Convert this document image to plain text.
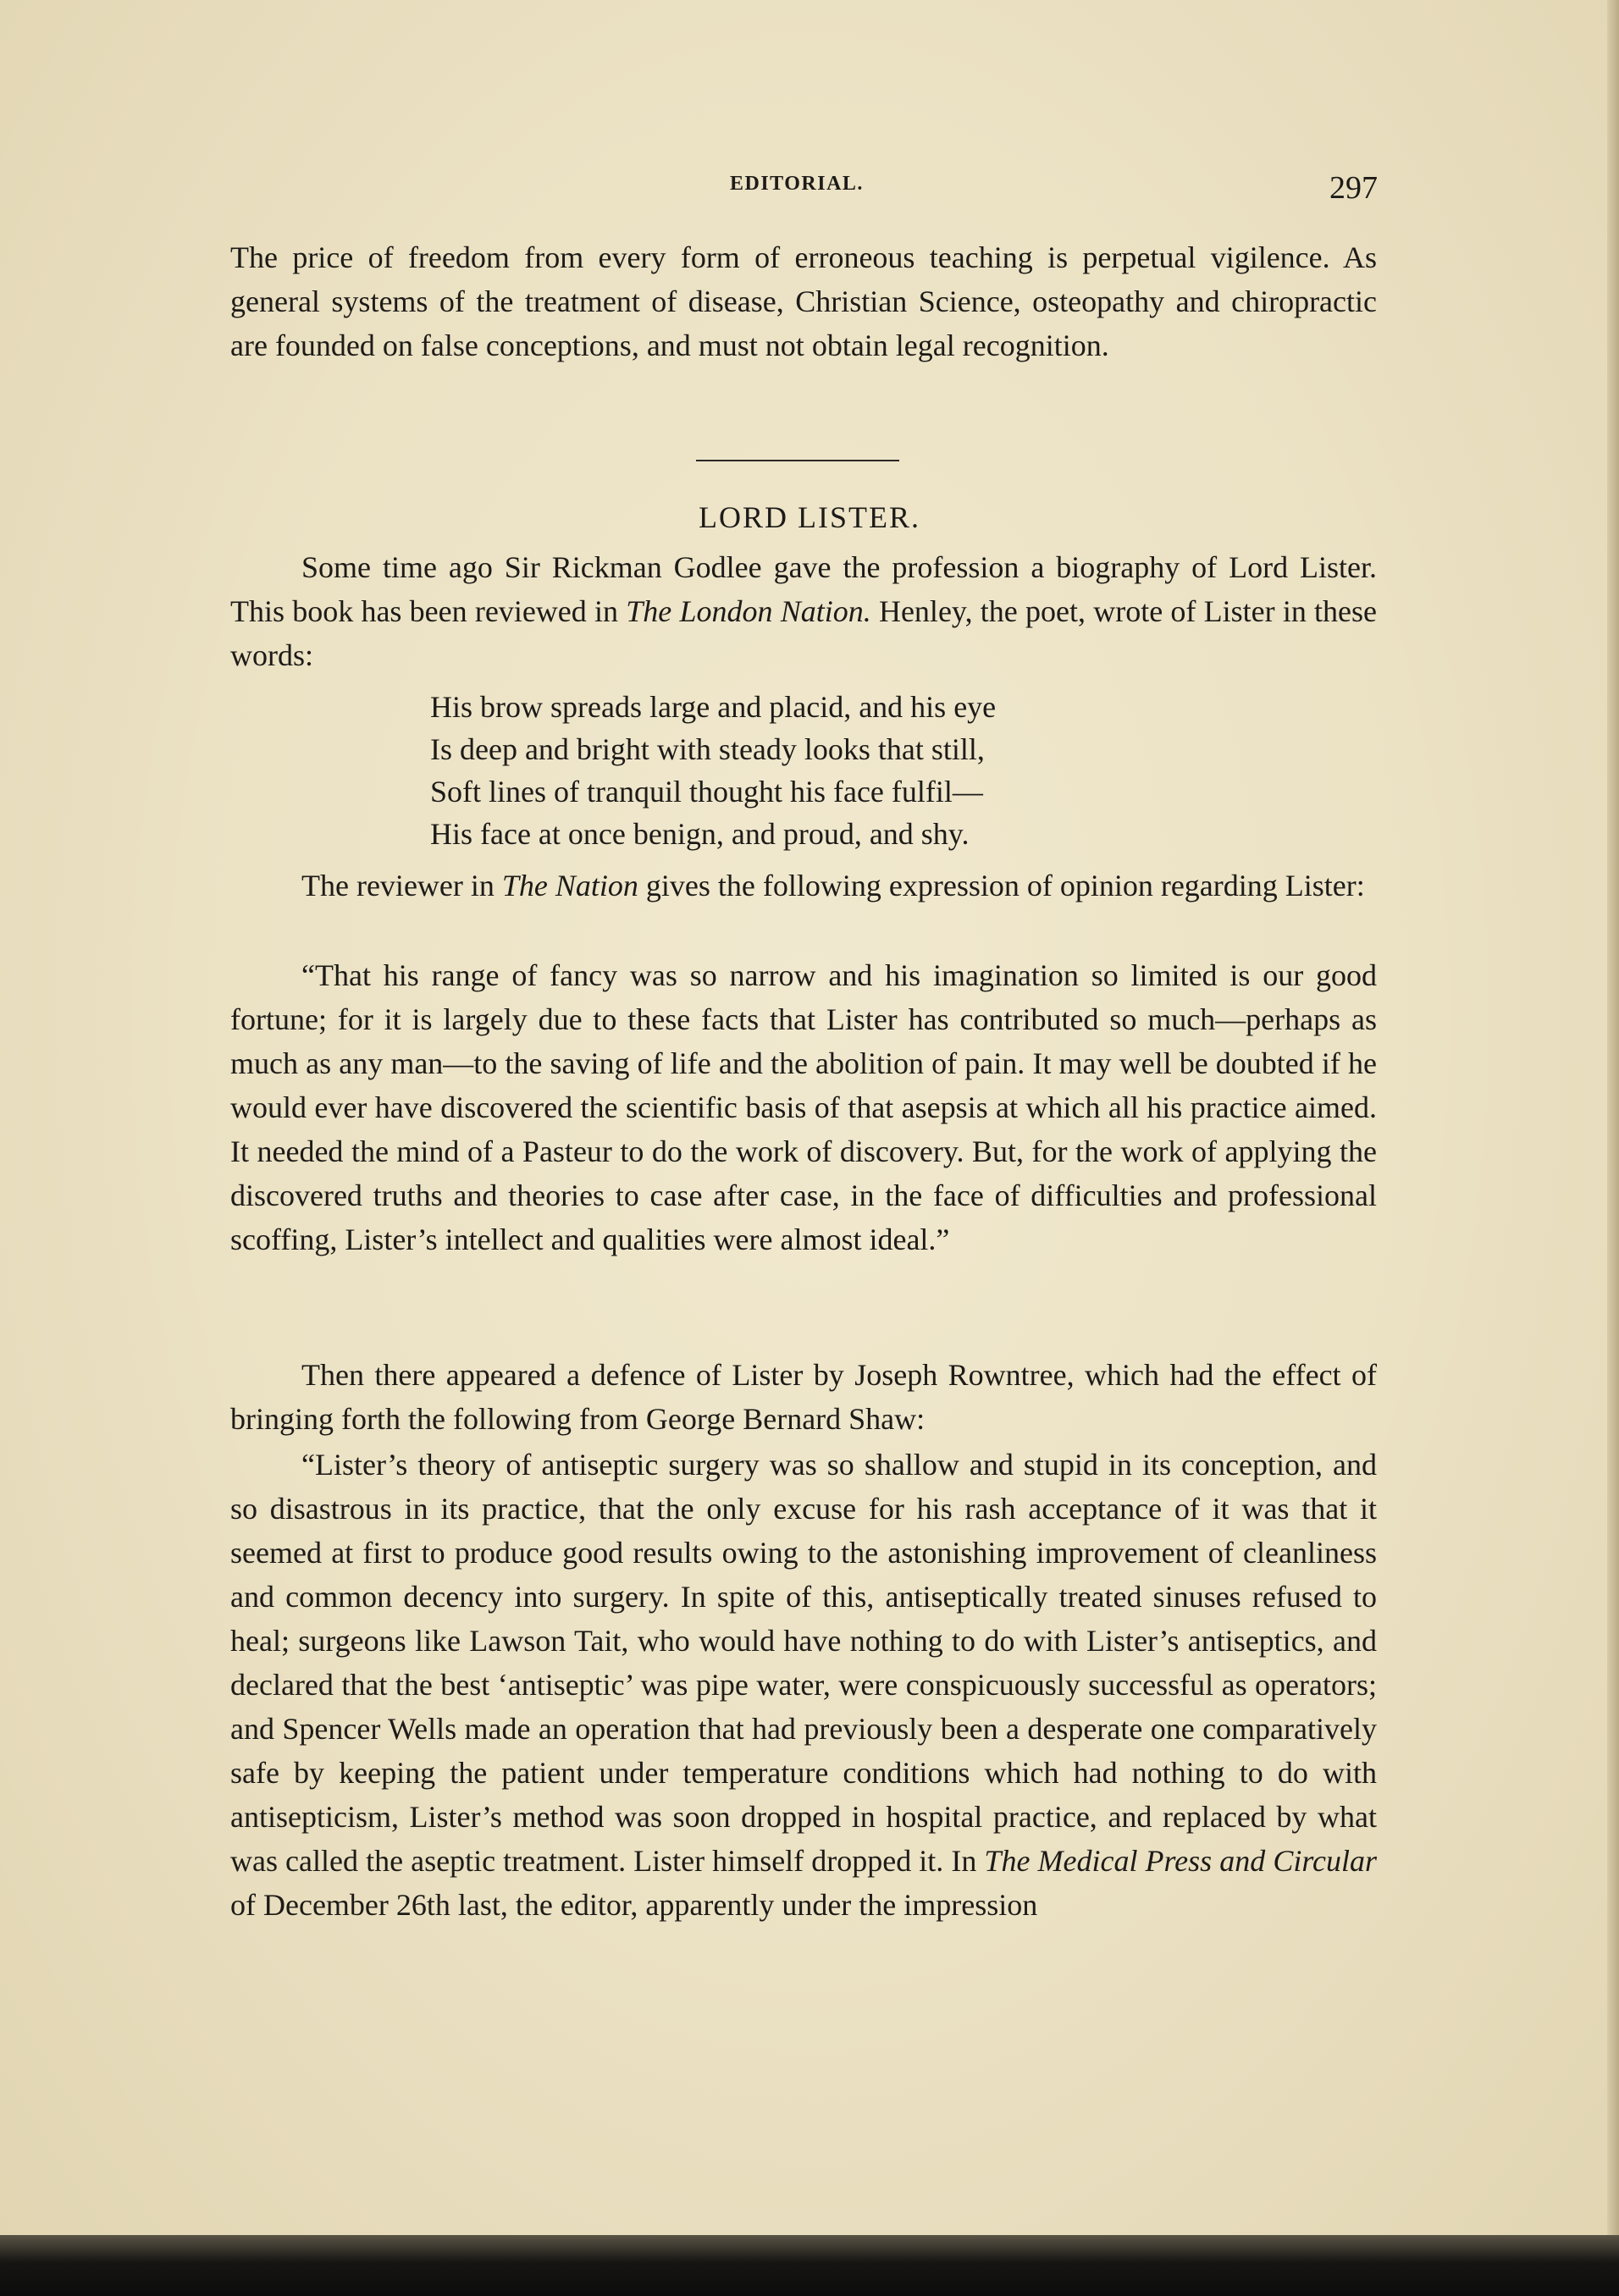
EDITORIAL.	297

The price of freedom from every form of erroneous teaching is perpetual vigilence. As general systems of the treatment of disease, Christian Science, osteopathy and chiropractic are founded on false conceptions, and must not obtain legal recognition.

LORD LISTER.

Some time ago Sir Rickman Godlee gave the profession a biography of Lord Lister. This book has been reviewed in The London Nation. Henley, the poet, wrote of Lister in these words:

His brow spreads large and placid, and his eye
Is deep and bright with steady looks that still,
Soft lines of tranquil thought his face fulfil—
His face at once benign, and proud, and shy.

The reviewer in The Nation gives the following expression of opinion regarding Lister:

“That his range of fancy was so narrow and his imagination so limited is our good fortune; for it is largely due to these facts that Lister has contributed so much—perhaps as much as any man—to the saving of life and the abolition of pain. It may well be doubted if he would ever have discovered the scientific basis of that asepsis at which all his practice aimed. It needed the mind of a Pasteur to do the work of discovery. But, for the work of applying the discovered truths and theories to case after case, in the face of difficulties and professional scoffing, Lister’s intellect and qualities were almost ideal.”

Then there appeared a defence of Lister by Joseph Rowntree, which had the effect of bringing forth the following from George Bernard Shaw:

“Lister’s theory of antiseptic surgery was so shallow and stupid in its conception, and so disastrous in its practice, that the only excuse for his rash acceptance of it was that it seemed at first to produce good results owing to the astonishing improvement of cleanliness and common decency into surgery. In spite of this, antiseptically treated sinuses refused to heal; surgeons like Lawson Tait, who would have nothing to do with Lister’s antiseptics, and declared that the best ‘antiseptic’ was pipe water, were conspicuously successful as operators; and Spencer Wells made an operation that had previously been a desperate one comparatively safe by keeping the patient under temperature conditions which had nothing to do with antisepticism, Lister’s method was soon dropped in hospital practice, and replaced by what was called the aseptic treatment. Lister himself dropped it. In The Medical Press and Circular of December 26th last, the editor, apparently under the impression
